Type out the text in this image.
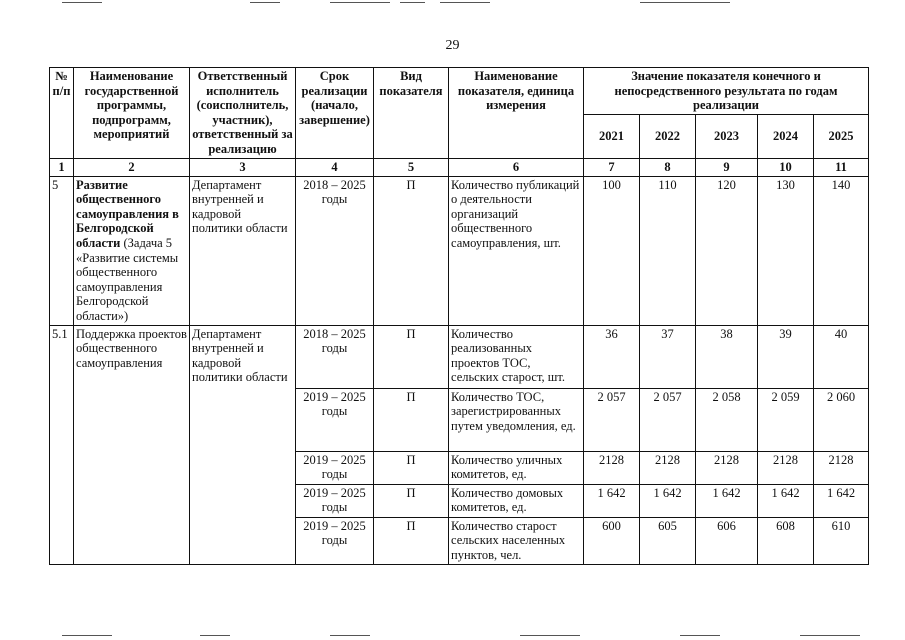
29
№ п/п	Наименование государственной программы, подпрограмм, мероприятий	Ответственный исполнитель (соисполнитель, участник), ответственный за реализацию	Срок реализации (начало, завершение)	Вид показателя	Наименование показателя, единица измерения	Значение показателя конечного и непосредственного результата по годам реализации				
						2021	2022	2023	2024	2025
1	2	3	4	5	6	7	8	9	10	11
5	Развитие общественного самоуправления в Белгородской области (Задача 5 «Развитие системы общественного самоуправления Белгородской области»)	Департамент внутренней и кадровой политики области	2018 – 2025 годы	П	Количество публикаций о деятельности организаций общественного самоуправления, шт.	100	110	120	130	140
5.1	Поддержка проектов общественного самоуправления	Департамент внутренней и кадровой политики области	2018 – 2025 годы	П	Количество реализованных проектов ТОС, сельских старост, шт.	36	37	38	39	40
			2019 – 2025 годы	П	Количество ТОС, зарегистрированных путем уведомления, ед.	2 057	2 057	2 058	2 059	2 060
			2019 – 2025 годы	П	Количество уличных комитетов, ед.	2128	2128	2128	2128	2128
			2019 – 2025 годы	П	Количество домовых комитетов, ед.	1 642	1 642	1 642	1 642	1 642
			2019 – 2025 годы	П	Количество старост сельских населенных пунктов, чел.	600	605	606	608	610
